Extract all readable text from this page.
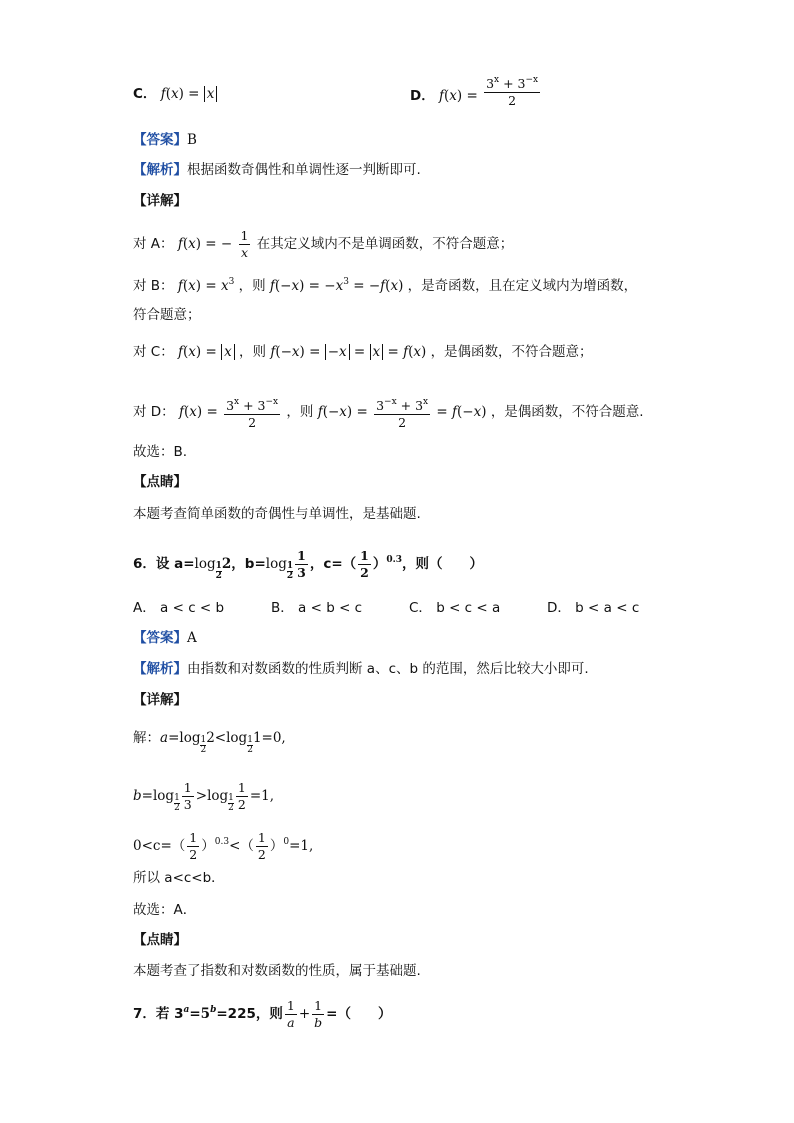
C． f(x) = x	D． $f(x) = \frac{3^x + 3^{-x}}{2}$
【答案】B
【解析】根据函数奇偶性和单调性逐一判断即可.
【详解】
对 A： f(x) = − $\frac{1}{x}$ 在其定义域内不是单调函数，不符合题意；
对 B： $f(x) = x^3$ ，则 $f(-x) = -x^3 = -f(x)$ ，是奇函数，且在定义域内为增函数，
符合题意；
对 C： f(x) = x ，则 f(−x) = −x = x = f(x) ，是偶函数，不符合题意；
对 D： $f(x) = \frac{3^x + 3^{-x}}{2}$ ，则 $f(-x) = \frac{3^{-x} + 3^x}{2} = f(-x)$ ，是偶函数，不符合题意.
故选：B.
【点睛】
本题考查简单函数的奇偶性与单调性，是基础题.
6．设 $a=\log \frac{1}{2} 2$，$b=\log \frac{1}{2} \frac{1}{3}$ ，$c=( \frac{1}{2} )^{0.3}$，则（　　）
A． a < c < b	B． a < b < c	C． b < c < a	D． b < a < c
【答案】A
【解析】由指数和对数函数的性质判断 a、c、b 的范围，然后比较大小即可.
【详解】
解：$a=\log \frac{1}{2} 2<\log \frac{1}{2} 1=0$,
$b=\log \frac{1}{2} \frac{1}{3} >\log \frac{1}{2} \frac{1}{2} =1$,
$0<c=( \frac{1}{2} )^{0.3}<( \frac{1}{2} )^0=1$,
所以 a<c<b．
故选：A．
【点睛】
本题考查了指数和对数函数的性质，属于基础题.
7．若 $3^a=5^b=225$，则 $\frac{1}{a} + \frac{1}{b}$ =（　　）
